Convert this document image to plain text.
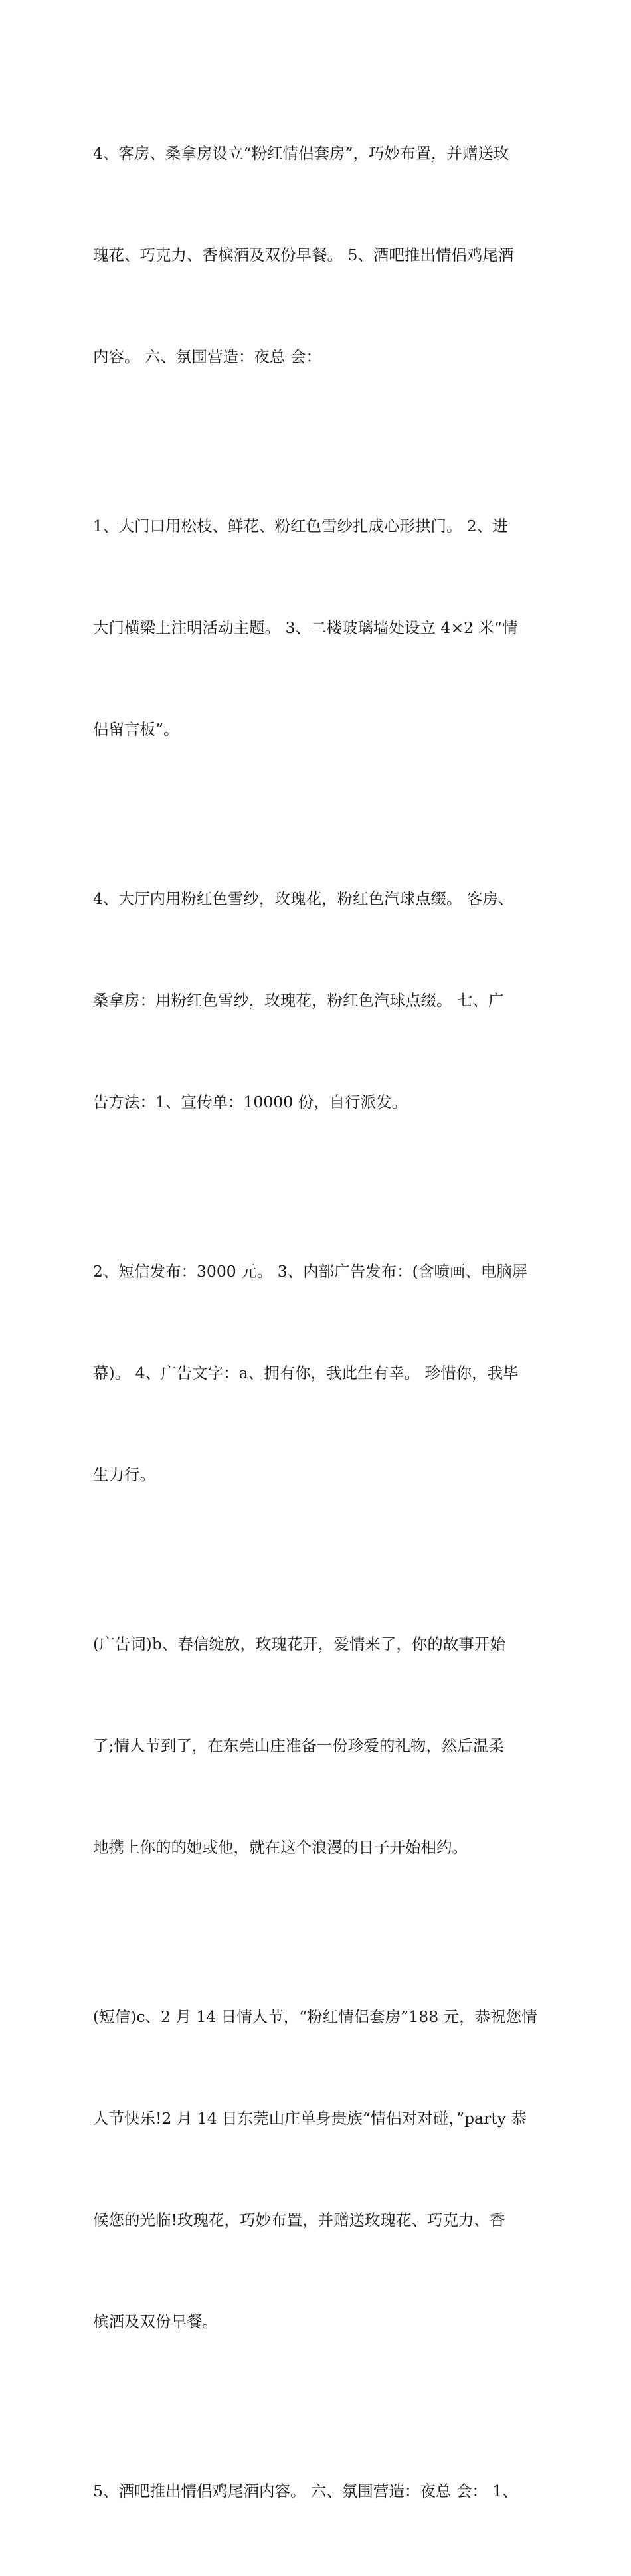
4、客房、桑拿房设立“粉红情侣套房”，巧妙布置，并赠送玫

瑰花、巧克力、香槟酒及双份早餐。 5、酒吧推出情侣鸡尾酒

内容。 六、氛围营造：夜总 会：

1、大门口用松枝、鲜花、粉红色雪纱扎成心形拱门。 2、进

大门横梁上注明活动主题。 3、二楼玻璃墙处设立 4×2 米“情

侣留言板”。

4、大厅内用粉红色雪纱，玫瑰花，粉红色汽球点缀。 客房、

桑拿房：用粉红色雪纱，玫瑰花，粉红色汽球点缀。 七、广

告方法：1、宣传单：10000 份，自行派发。

2、短信发布：3000 元。 3、内部广告发布：(含喷画、电脑屏

幕)。 4、广告文字：a、拥有你，我此生有幸。 珍惜你，我毕

生力行。

(广告词)b、春信绽放，玫瑰花开，爱情来了，你的故事开始

了;情人节到了，在东莞山庄准备一份珍爱的礼物，然后温柔

地携上你的的她或他，就在这个浪漫的日子开始相约。

(短信)c、2 月 14 日情人节，“粉红情侣套房”188 元，恭祝您情

人节快乐!2 月 14 日东莞山庄单身贵族“情侣对对碰，”party 恭

候您的光临!玫瑰花，巧妙布置，并赠送玫瑰花、巧克力、香

槟酒及双份早餐。

5、酒吧推出情侣鸡尾酒内容。 六、氛围营造：夜总 会： 1、
